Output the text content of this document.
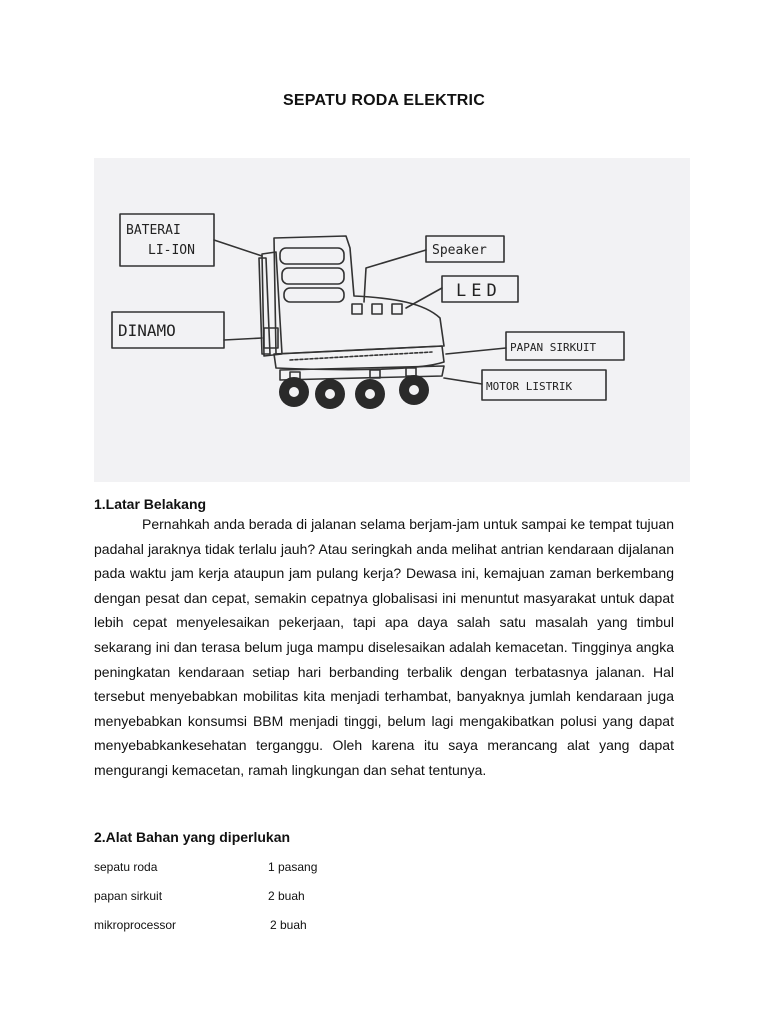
SEPATU RODA ELEKTRIC
BATERAI
LI-ION
DINAMO
Speaker
LED
PAPAN SIRKUIT
MOTOR LISTRIK
1.Latar Belakang
Pernahkah anda berada di jalanan selama berjam-jam untuk sampai ke tempat tujuan padahal jaraknya tidak terlalu jauh? Atau seringkah anda melihat antrian kendaraan dijalanan pada waktu jam kerja ataupun jam pulang kerja? Dewasa ini, kemajuan zaman berkembang dengan pesat dan cepat, semakin cepatnya globalisasi ini menuntut masyarakat untuk dapat lebih cepat menyelesaikan pekerjaan, tapi apa daya salah satu masalah yang timbul sekarang ini dan terasa belum juga mampu diselesaikan adalah kemacetan. Tingginya angka peningkatan kendaraan setiap hari berbanding terbalik dengan terbatasnya jalanan. Hal tersebut menyebabkan mobilitas kita menjadi terhambat, banyaknya jumlah kendaraan juga menyebabkan konsumsi BBM menjadi tinggi, belum lagi mengakibatkan polusi yang dapat menyebabkankesehatan terganggu. Oleh karena itu saya merancang alat yang dapat mengurangi kemacetan, ramah lingkungan dan sehat tentunya.
2.Alat Bahan yang diperlukan
sepatu roda	1 pasang
papan sirkuit	2 buah
mikroprocessor	2 buah
